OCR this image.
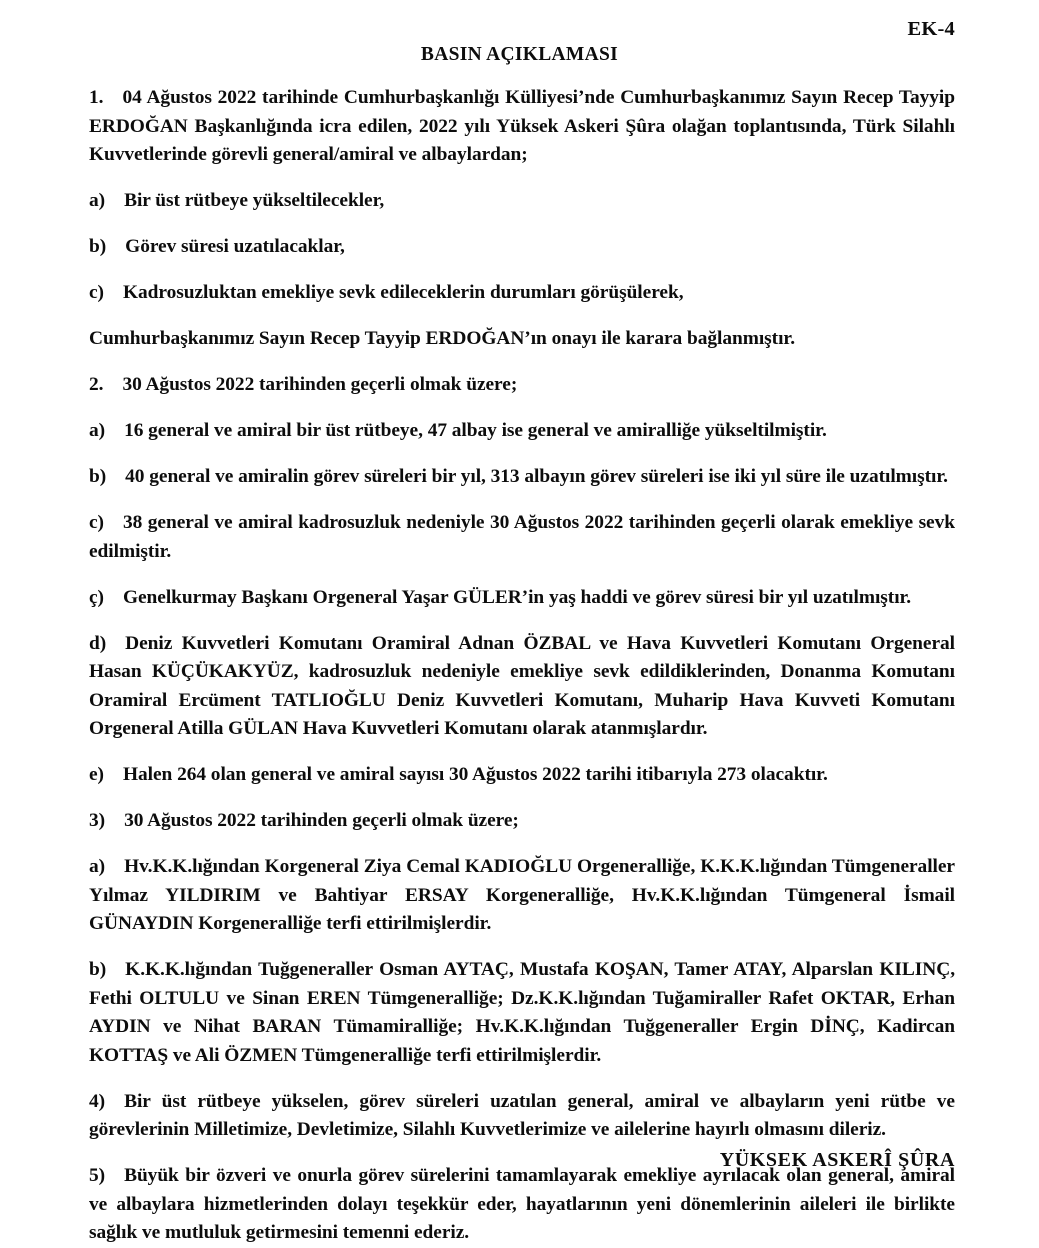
EK-4
BASIN AÇIKLAMASI

1. 04 Ağustos 2022 tarihinde Cumhurbaşkanlığı Külliyesi’nde Cumhurbaşkanımız Sayın Recep Tayyip ERDOĞAN Başkanlığında icra edilen, 2022 yılı Yüksek Askeri Şûra olağan toplantısında, Türk Silahlı Kuvvetlerinde görevli general/amiral ve albaylardan;

a) Bir üst rütbeye yükseltilecekler,

b) Görev süresi uzatılacaklar,

c) Kadrosuzluktan emekliye sevk edileceklerin durumları görüşülerek,

Cumhurbaşkanımız Sayın Recep Tayyip ERDOĞAN’ın onayı ile karara bağlanmıştır.

2. 30 Ağustos 2022 tarihinden geçerli olmak üzere;

a) 16 general ve amiral bir üst rütbeye, 47 albay ise general ve amiralliğe yükseltilmiştir.

b) 40 general ve amiralin görev süreleri bir yıl, 313 albayın görev süreleri ise iki yıl süre ile uzatılmıştır.

c) 38 general ve amiral kadrosuzluk nedeniyle 30 Ağustos 2022 tarihinden geçerli olarak emekliye sevk edilmiştir.

ç) Genelkurmay Başkanı Orgeneral Yaşar GÜLER’in yaş haddi ve görev süresi bir yıl uzatılmıştır.

d) Deniz Kuvvetleri Komutanı Oramiral Adnan ÖZBAL ve Hava Kuvvetleri Komutanı Orgeneral Hasan KÜÇÜKAKYÜZ, kadrosuzluk nedeniyle emekliye sevk edildiklerinden, Donanma Komutanı Oramiral Ercüment TATLIOĞLU Deniz Kuvvetleri Komutanı, Muharip Hava Kuvveti Komutanı Orgeneral Atilla GÜLAN Hava Kuvvetleri Komutanı olarak atanmışlardır.

e) Halen 264 olan general ve amiral sayısı 30 Ağustos 2022 tarihi itibarıyla 273 olacaktır.

3) 30 Ağustos 2022 tarihinden geçerli olmak üzere;

a) Hv.K.K.lığından Korgeneral Ziya Cemal KADIOĞLU Orgeneralliğe, K.K.K.lığından Tümgeneraller Yılmaz YILDIRIM ve Bahtiyar ERSAY Korgeneralliğe, Hv.K.K.lığından Tümgeneral İsmail GÜNAYDIN Korgeneralliğe terfi ettirilmişlerdir.

b) K.K.K.lığından Tuğgeneraller Osman AYTAÇ, Mustafa KOŞAN, Tamer ATAY, Alparslan KILINÇ, Fethi OLTULU ve Sinan EREN Tümgeneralliğe; Dz.K.K.lığından Tuğamiraller Rafet OKTAR, Erhan AYDIN ve Nihat BARAN Tümamiralliğe; Hv.K.K.lığından Tuğgeneraller Ergin DİNÇ, Kadircan KOTTAŞ ve Ali ÖZMEN Tümgeneralliğe terfi ettirilmişlerdir.

4) Bir üst rütbeye yükselen, görev süreleri uzatılan general, amiral ve albayların yeni rütbe ve görevlerinin Milletimize, Devletimize, Silahlı Kuvvetlerimize ve ailelerine hayırlı olmasını dileriz.

5) Büyük bir özveri ve onurla görev sürelerini tamamlayarak emekliye ayrılacak olan general, amiral ve albaylara hizmetlerinden dolayı teşekkür eder, hayatlarının yeni dönemlerinin aileleri ile birlikte sağlık ve mutluluk getirmesini temenni ederiz.

YÜKSEK ASKERÎ ŞÛRA
